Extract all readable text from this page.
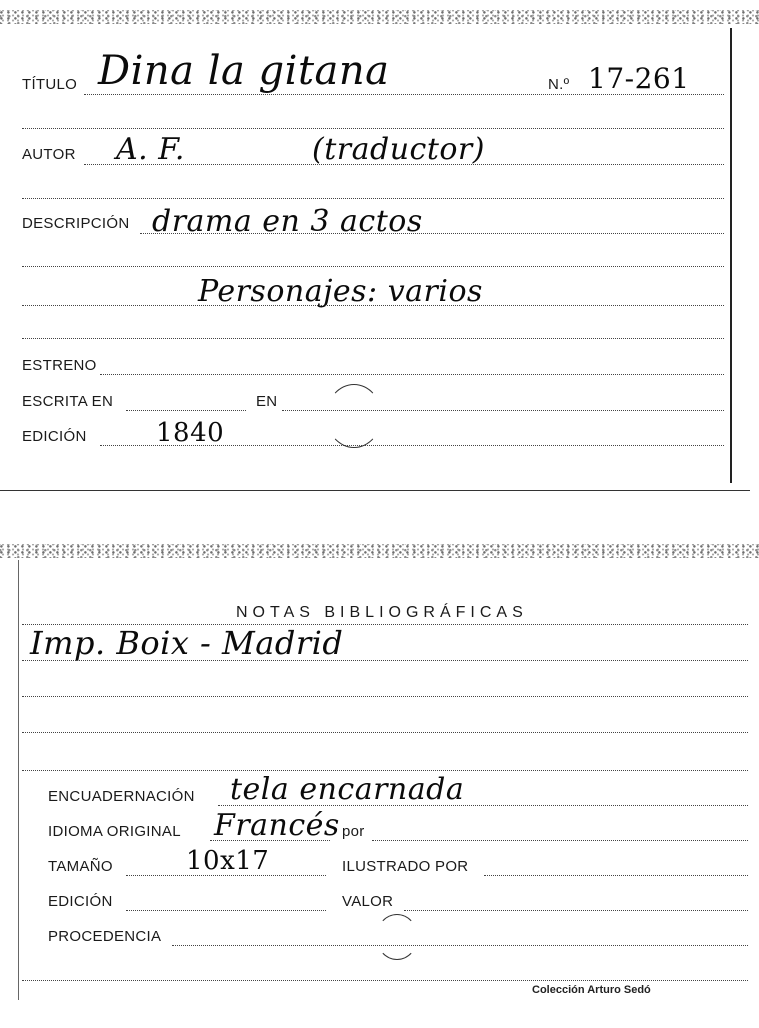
TÍTULO Dina la gitana	N.º 17-261
AUTOR A. F.	(traductor)
DESCRIPCIÓN drama en 3 actos
Personajes: varios
ESTRENO
ESCRITA EN	EN
EDICIÓN	1840
NOTAS BIBLIOGRÁFICAS
Imp. Boix - Madrid
ENCUADERNACIÓN tela encarnada
IDIOMA ORIGINAL Francés por
TAMAÑO	10x17	ILUSTRADO POR
EDICIÓN	VALOR
PROCEDENCIA
Colección Arturo Sedó
